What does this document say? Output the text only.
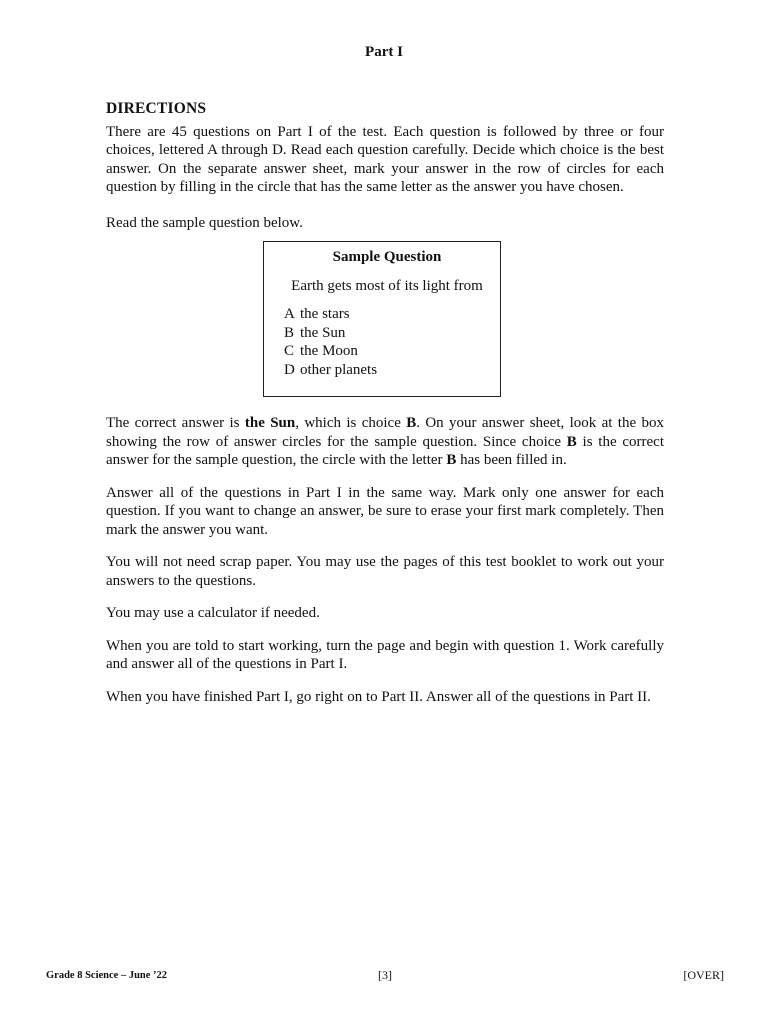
Part I

DIRECTIONS

There are 45 questions on Part I of the test. Each question is followed by three or four choices, lettered A through D. Read each question carefully. Decide which choice is the best answer. On the separate answer sheet, mark your answer in the row of circles for each question by filling in the circle that has the same letter as the answer you have chosen.

Read the sample question below.

Sample Question

Earth gets most of its light from

A the stars
B the Sun
C the Moon
D other planets

The correct answer is the Sun, which is choice B. On your answer sheet, look at the box showing the row of answer circles for the sample question. Since choice B is the correct answer for the sample question, the circle with the letter B has been filled in.

Answer all of the questions in Part I in the same way. Mark only one answer for each question. If you want to change an answer, be sure to erase your first mark completely. Then mark the answer you want.

You will not need scrap paper. You may use the pages of this test booklet to work out your answers to the questions.

You may use a calculator if needed.

When you are told to start working, turn the page and begin with question 1. Work carefully and answer all of the questions in Part I.

When you have finished Part I, go right on to Part II. Answer all of the questions in Part II.

Grade 8 Science – June ’22	[3]	[OVER]
